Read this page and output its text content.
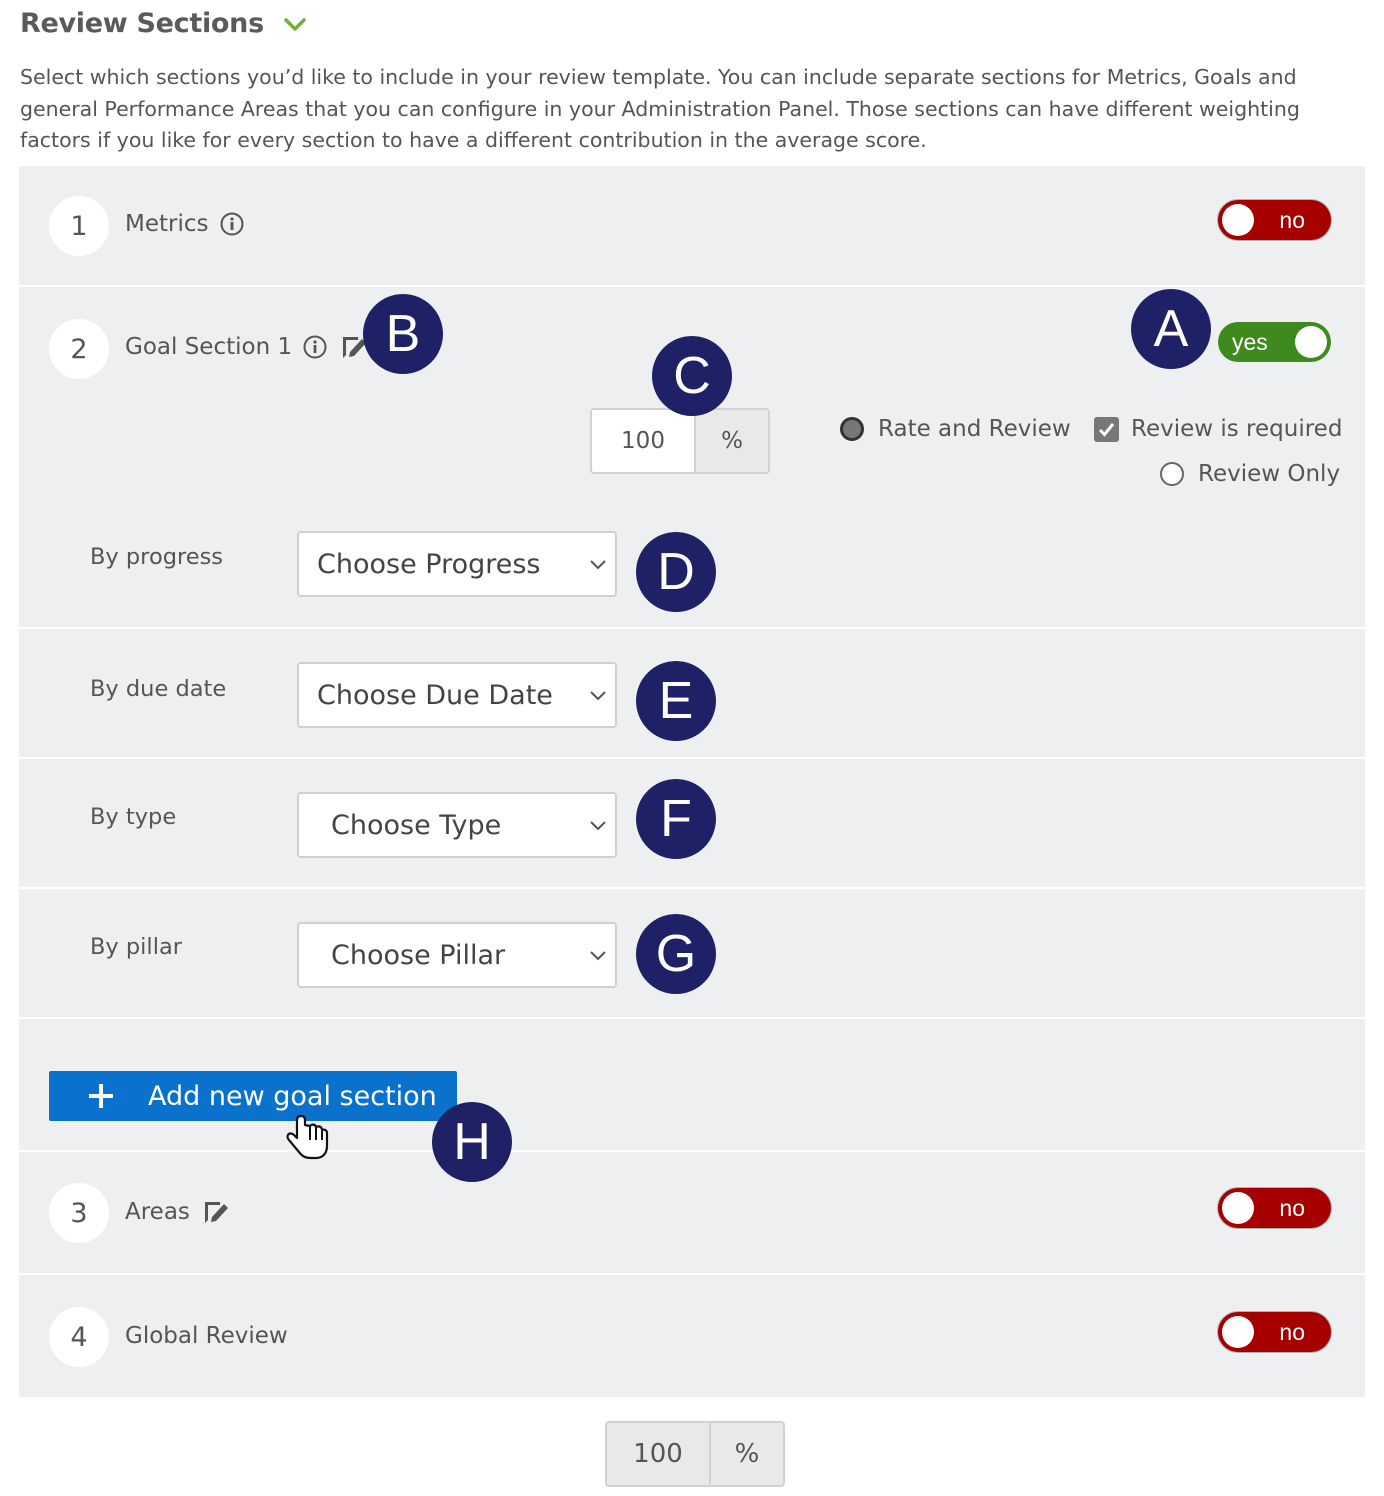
Review Sections

Select which sections you’d like to include in your review template. You can include separate sections for Metrics, Goals and general Performance Areas that you can configure in your Administration Panel. Those sections can have different weighting factors if you like for every section to have a different contribution in the average score.

1	Metrics	no
2	Goal Section 1	yes
100	%	Rate and Review	Review is required
Review Only
By progress	Choose Progress
By due date	Choose Due Date
By type	Choose Type
By pillar	Choose Pillar
Add new goal section
3	Areas	no
4	Global Review	no
A
B
C
D
E
F
G
H
100	%
